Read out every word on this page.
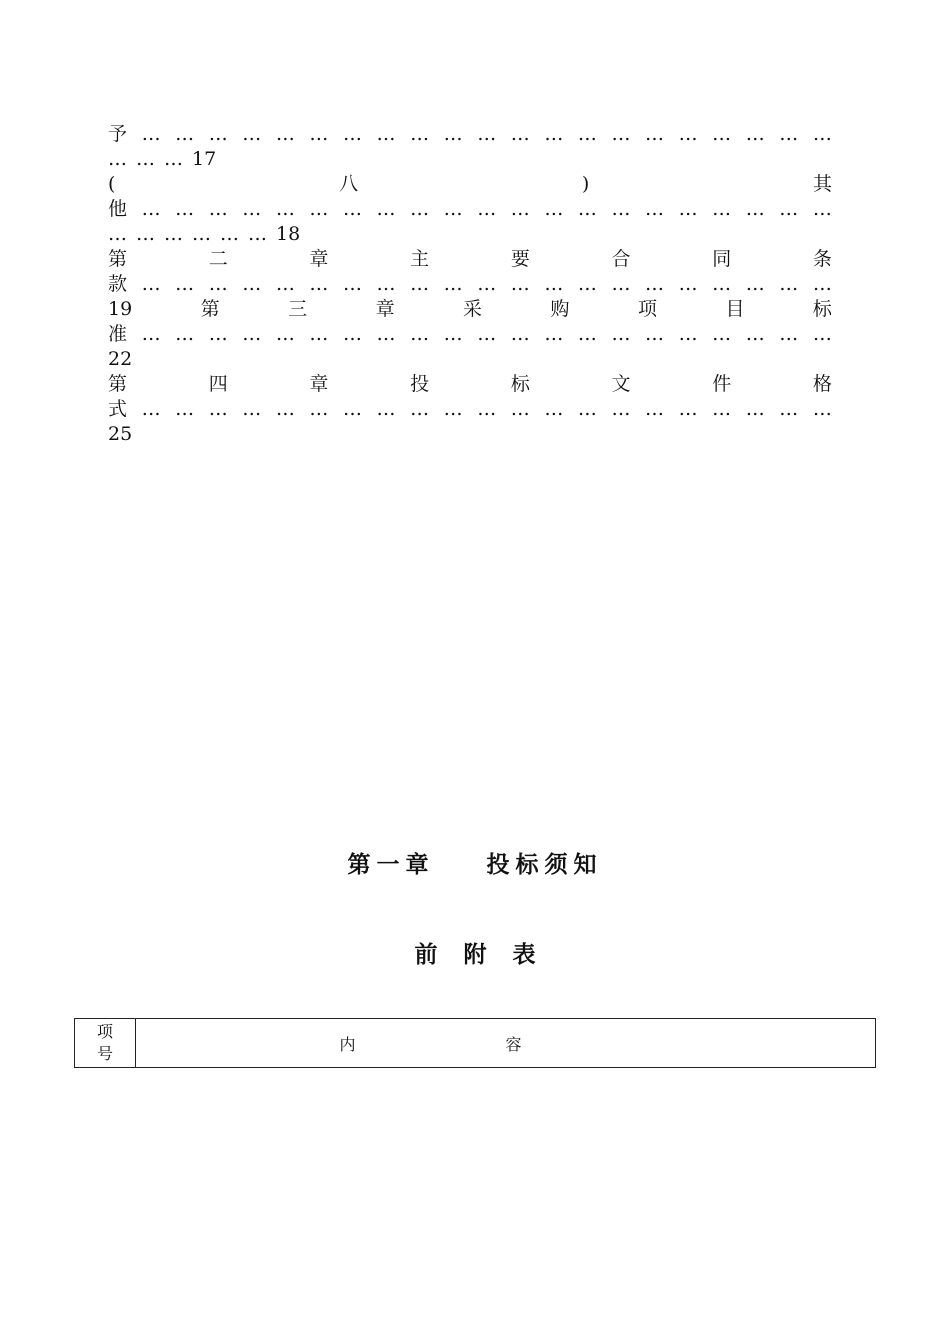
予 … … … … … … … … … … … … … … … … … … … … …
… … … 17
(	八	)	其
他 … … … … … … … … … … … … … … … … … … … … …
… … … … … … 18
第	二	章	主	要	合	同	条
款 … … … … … … … … … … … … … … … … … … … … …
19	第	三	章	采	购	项	目	标
准 … … … … … … … … … … … … … … … … … … … … …
22
第	四	章	投	标	文	件	格
式 … … … … … … … … … … … … … … … … … … … … …
25
第一章 投标须知
前附表
项号	内容
